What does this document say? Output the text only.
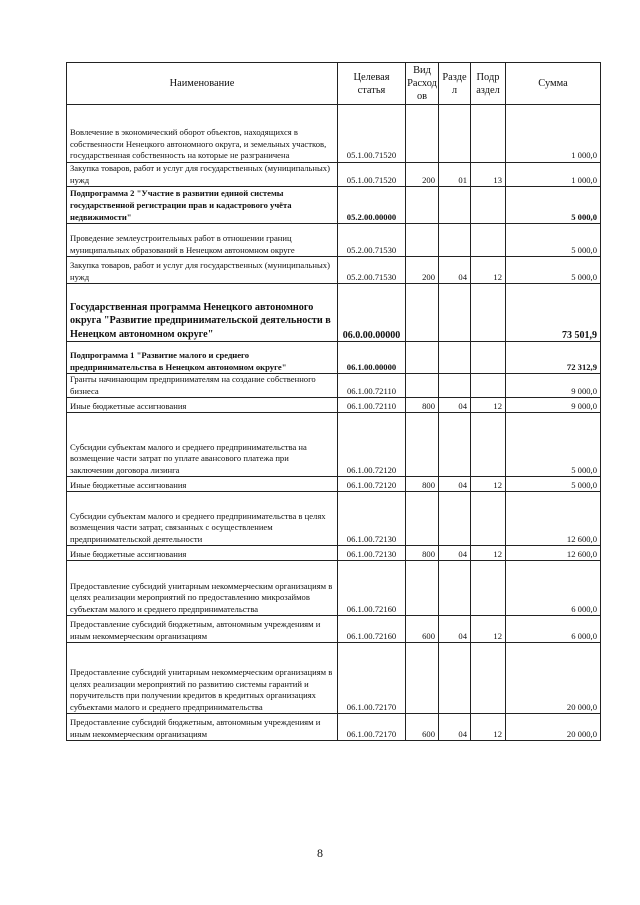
Наименование	Целевая статья	Вид Расход ов	Разде л	Подр аздел	Сумма
Вовлечение в экономический оборот объектов, находящихся в собственности Ненецкого автономного округа, и земельных участков, государственная собственность на которые не разграничена	05.1.00.71520				1 000,0
Закупка товаров, работ и услуг для государственных (муниципальных) нужд	05.1.00.71520	200	01	13	1 000,0
Подпрограмма 2 "Участие в развитии единой системы государственной регистрации прав и кадастрового учёта недвижимости"	05.2.00.00000				5 000,0
Проведение землеустроительных работ в отношении границ муниципальных образований в Ненецком автономном округе	05.2.00.71530				5 000,0
Закупка товаров, работ и услуг для государственных (муниципальных) нужд	05.2.00.71530	200	04	12	5 000,0
Государственная программа Ненецкого автономного округа "Развитие предпринимательской деятельности в Ненецком автономном округе"	06.0.00.00000				73 501,9
Подпрограмма 1 "Развитие малого и среднего предпринимательства в Ненецком автономном округе"	06.1.00.00000				72 312,9
Гранты начинающим предпринимателям на создание собственного бизнеса	06.1.00.72110				9 000,0
Иные бюджетные ассигнования	06.1.00.72110	800	04	12	9 000,0
Субсидии субъектам малого и среднего предпринимательства на возмещение части затрат по уплате авансового платежа при заключении договора лизинга	06.1.00.72120				5 000,0
Иные бюджетные ассигнования	06.1.00.72120	800	04	12	5 000,0
Субсидии субъектам малого и среднего предпринимательства в целях возмещения части затрат, связанных с осуществлением предпринимательской деятельности	06.1.00.72130				12 600,0
Иные бюджетные ассигнования	06.1.00.72130	800	04	12	12 600,0
Предоставление субсидий унитарным некоммерческим организациям в целях реализации мероприятий по предоставлению микрозаймов субъектам малого и среднего предпринимательства	06.1.00.72160				6 000,0
Предоставление субсидий бюджетным, автономным учреждениям и иным некоммерческим организациям	06.1.00.72160	600	04	12	6 000,0
Предоставление субсидий унитарным некоммерческим организациям в целях реализации мероприятий по развитию системы гарантий и поручительств при получении кредитов в кредитных организациях субъектами малого и среднего предпринимательства	06.1.00.72170				20 000,0
Предоставление субсидий бюджетным, автономным учреждениям и иным некоммерческим организациям	06.1.00.72170	600	04	12	20 000,0
8
